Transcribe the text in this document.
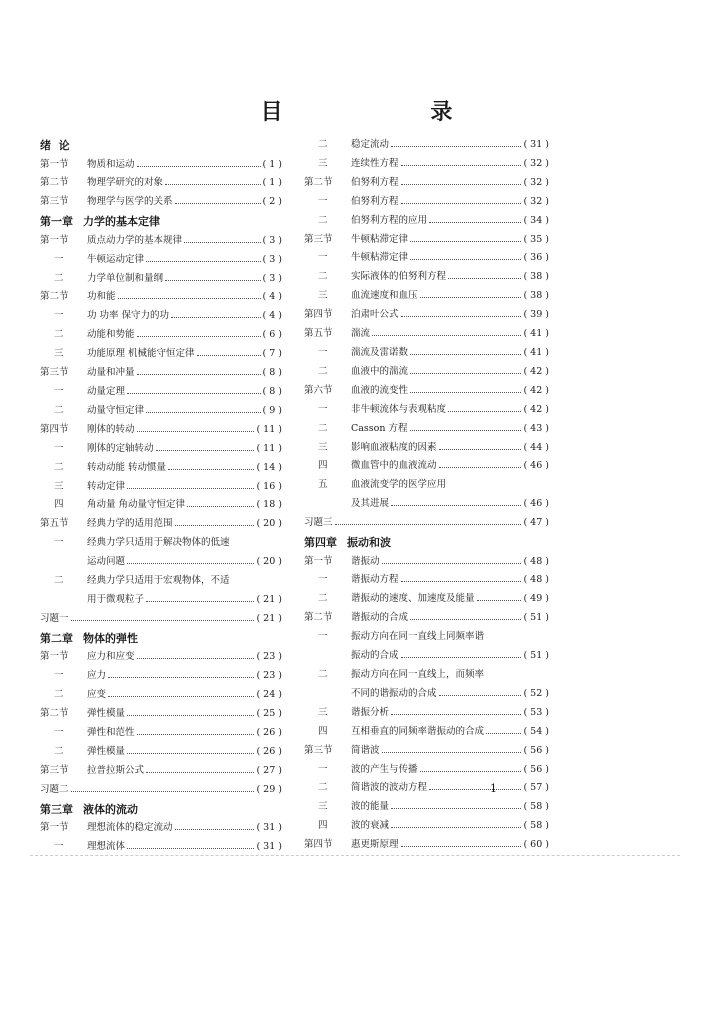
目 录
绪  论
第一节	物质和运动	( 1 )
第二节	物理学研究的对象	( 1 )
第三节	物理学与医学的关系	( 2 )
第一章 力学的基本定律
第一节	质点动力学的基本规律	( 3 )
一	牛顿运动定律	( 3 )
二	力学单位制和量纲	( 3 )
第二节	功和能	( 4 )
一	功 功率 保守力的功	( 4 )
二	动能和势能	( 6 )
三	功能原理 机械能守恒定律	( 7 )
第三节	动量和冲量	( 8 )
一	动量定理	( 8 )
二	动量守恒定律	( 9 )
第四节	刚体的转动	( 11 )
一	刚体的定轴转动	( 11 )
二	转动动能 转动惯量	( 14 )
三	转动定律	( 16 )
四	角动量 角动量守恒定律	( 18 )
第五节	经典力学的适用范围	( 20 )
一	经典力学只适用于解决物体的低速
运动问题	( 20 )
二	经典力学只适用于宏观物体，不适
用于微观粒子	( 21 )
习题一	( 21 )
第二章 物体的弹性
第一节	应力和应变	( 23 )
一	应力	( 23 )
二	应变	( 24 )
第二节	弹性模量	( 25 )
一	弹性和范性	( 26 )
二	弹性模量	( 26 )
第三节	拉普拉斯公式	( 27 )
习题二	( 29 )
第三章 液体的流动
第一节	理想流体的稳定流动	( 31 )
一	理想流体	( 31 )
二	稳定流动	( 31 )
三	连续性方程	( 32 )
第二节	伯努利方程	( 32 )
一	伯努利方程	( 32 )
二	伯努利方程的应用	( 34 )
第三节	牛顿粘滞定律	( 35 )
一	牛顿粘滞定律	( 36 )
二	实际液体的伯努利方程	( 38 )
三	血流速度和血压	( 38 )
第四节	泊肃叶公式	( 39 )
第五节	湍流	( 41 )
一	湍流及雷诺数	( 41 )
二	血液中的湍流	( 42 )
第六节	血液的流变性	( 42 )
一	非牛顿流体与表观粘度	( 42 )
二	Casson 方程	( 43 )
三	影响血液粘度的因素	( 44 )
四	微血管中的血液流动	( 46 )
五	血液流变学的医学应用
及其进展	( 46 )
习题三	( 47 )
第四章 振动和波
第一节	谐振动	( 48 )
一	谐振动方程	( 48 )
二	谐振动的速度、加速度及能量	( 49 )
第二节	谐振动的合成	( 51 )
一	振动方向在同一直线上同频率谐
振动的合成	( 51 )
二	振动方向在同一直线上，而频率
不同的谐振动的合成	( 52 )
三	谐振分析	( 53 )
四	互相垂直的同频率谐振动的合成	( 54 )
第三节	简谐波	( 56 )
一	波的产生与传播	( 56 )
二	简谐波的波动方程	( 57 )
三	波的能量	( 58 )
四	波的衰减	( 58 )
第四节	惠更斯原理	( 60 )
1
